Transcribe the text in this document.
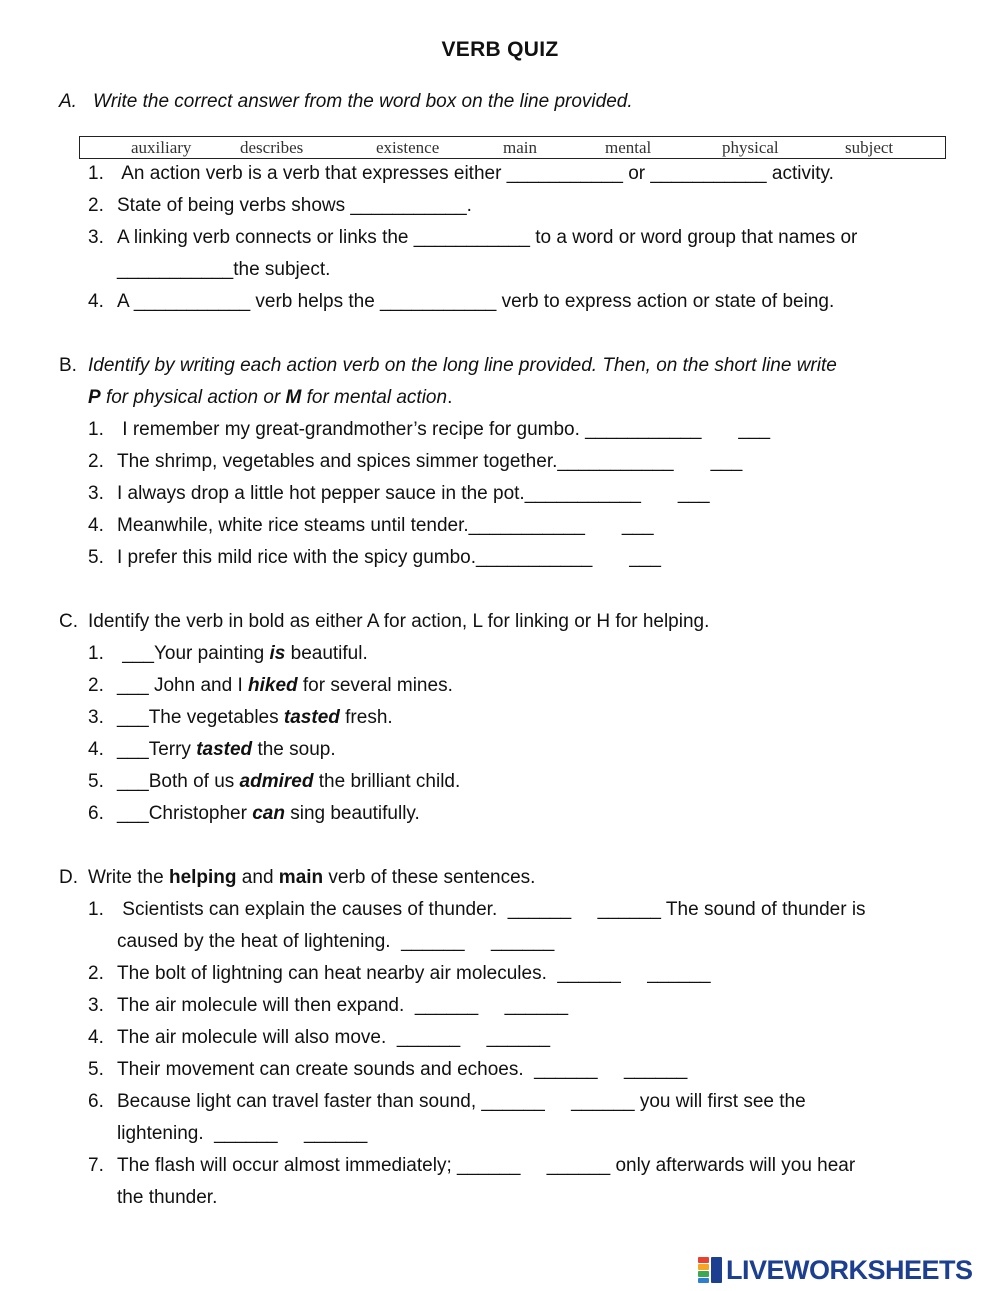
VERB QUIZ
A. Write the correct answer from the word box on the line provided.
auxiliary	describes	existence	main	mental	physical	subject
1. An action verb is a verb that expresses either ___________ or ___________ activity.
2. State of being verbs shows ___________.
3. A linking verb connects or links the ___________ to a word or word group that names or
___________the subject.
4. A ___________ verb helps the ___________ verb to express action or state of being.
B. Identify by writing each action verb on the long line provided. Then, on the short line write
P for physical action or M for mental action.
1. I remember my great-grandmother’s recipe for gumbo. ___________       ___
2. The shrimp, vegetables and spices simmer together.___________       ___
3. I always drop a little hot pepper sauce in the pot.___________       ___
4. Meanwhile, white rice steams until tender.___________       ___
5. I prefer this mild rice with the spicy gumbo.___________       ___
C. Identify the verb in bold as either A for action, L for linking or H for helping.
1. ___Your painting is beautiful.
2. ___ John and I hiked for several mines.
3. ___The vegetables tasted fresh.
4. ___Terry tasted the soup.
5. ___Both of us admired the brilliant child.
6. ___Christopher can sing beautifully.
D. Write the helping and main verb of these sentences.
1. Scientists can explain the causes of thunder.  ______     ______ The sound of thunder is
caused by the heat of lightening.  ______     ______
2. The bolt of lightning can heat nearby air molecules.  ______     ______
3. The air molecule will then expand.  ______     ______
4. The air molecule will also move.  ______     ______
5. Their movement can create sounds and echoes.  ______     ______
6. Because light can travel faster than sound, ______     ______ you will first see the
lightening.  ______     ______
7. The flash will occur almost immediately; ______     ______ only afterwards will you hear
the thunder.
LIVEWORKSHEETS
